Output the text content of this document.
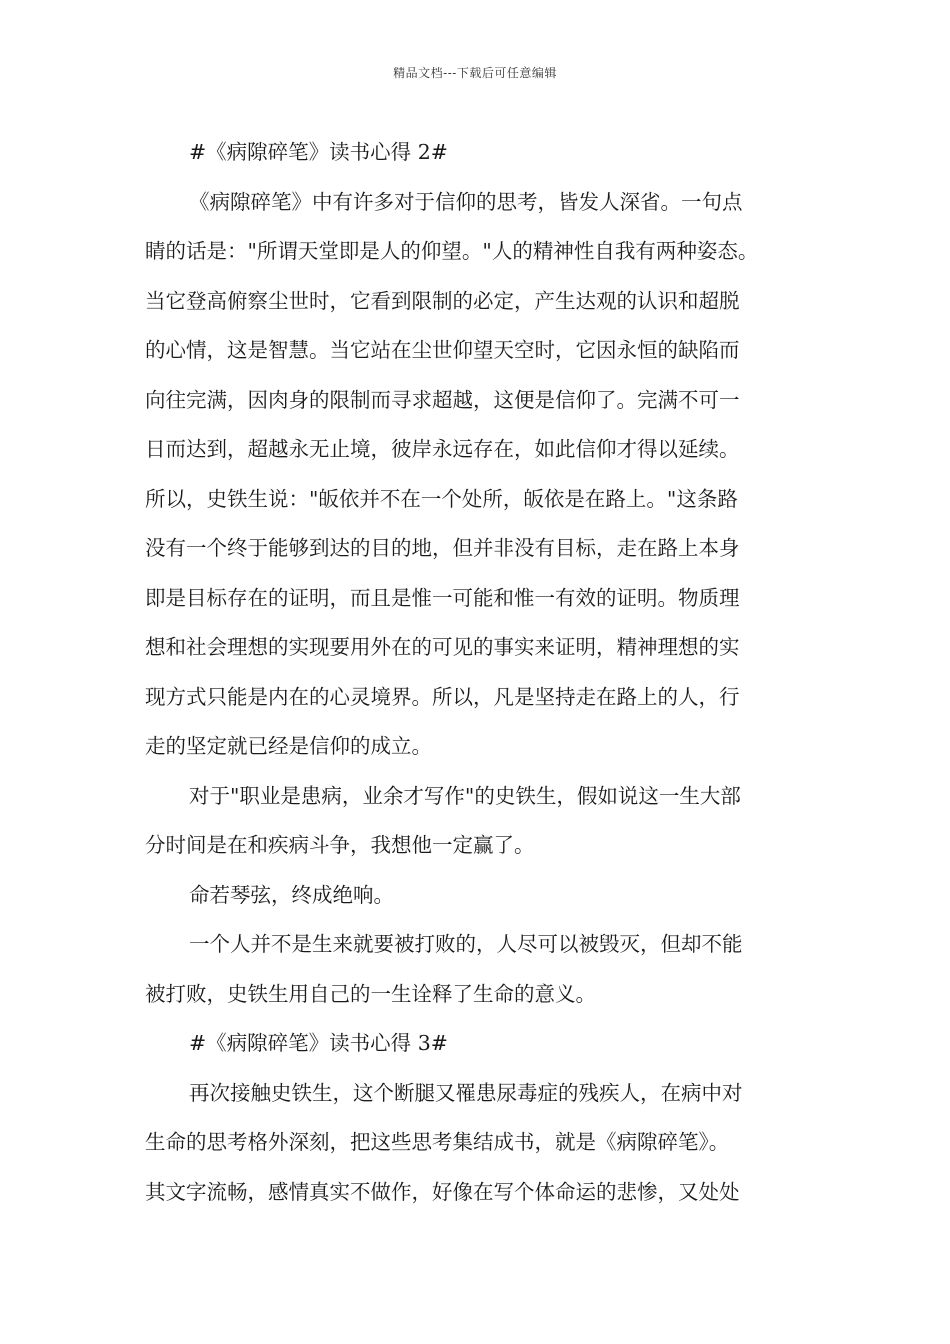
精品文档---下载后可任意编辑
#《病隙碎笔》读书心得 2#
《病隙碎笔》中有许多对于信仰的思考，皆发人深省。一句点
睛的话是："所谓天堂即是人的仰望。"人的精神性自我有两种姿态。
当它登高俯察尘世时，它看到限制的必定，产生达观的认识和超脱
的心情，这是智慧。当它站在尘世仰望天空时，它因永恒的缺陷而
向往完满，因肉身的限制而寻求超越，这便是信仰了。完满不可一
日而达到，超越永无止境，彼岸永远存在，如此信仰才得以延续。
所以，史铁生说："皈依并不在一个处所，皈依是在路上。"这条路
没有一个终于能够到达的目的地，但并非没有目标，走在路上本身
即是目标存在的证明，而且是惟一可能和惟一有效的证明。物质理
想和社会理想的实现要用外在的可见的事实来证明，精神理想的实
现方式只能是内在的心灵境界。所以，凡是坚持走在路上的人，行
走的坚定就已经是信仰的成立。
对于"职业是患病，业余才写作"的史铁生，假如说这一生大部
分时间是在和疾病斗争，我想他一定赢了。
命若琴弦，终成绝响。
一个人并不是生来就要被打败的，人尽可以被毁灭，但却不能
被打败，史铁生用自己的一生诠释了生命的意义。
#《病隙碎笔》读书心得 3#
再次接触史铁生，这个断腿又罹患尿毒症的残疾人，在病中对
生命的思考格外深刻，把这些思考集结成书，就是《病隙碎笔》。
其文字流畅，感情真实不做作，好像在写个体命运的悲惨，又处处
